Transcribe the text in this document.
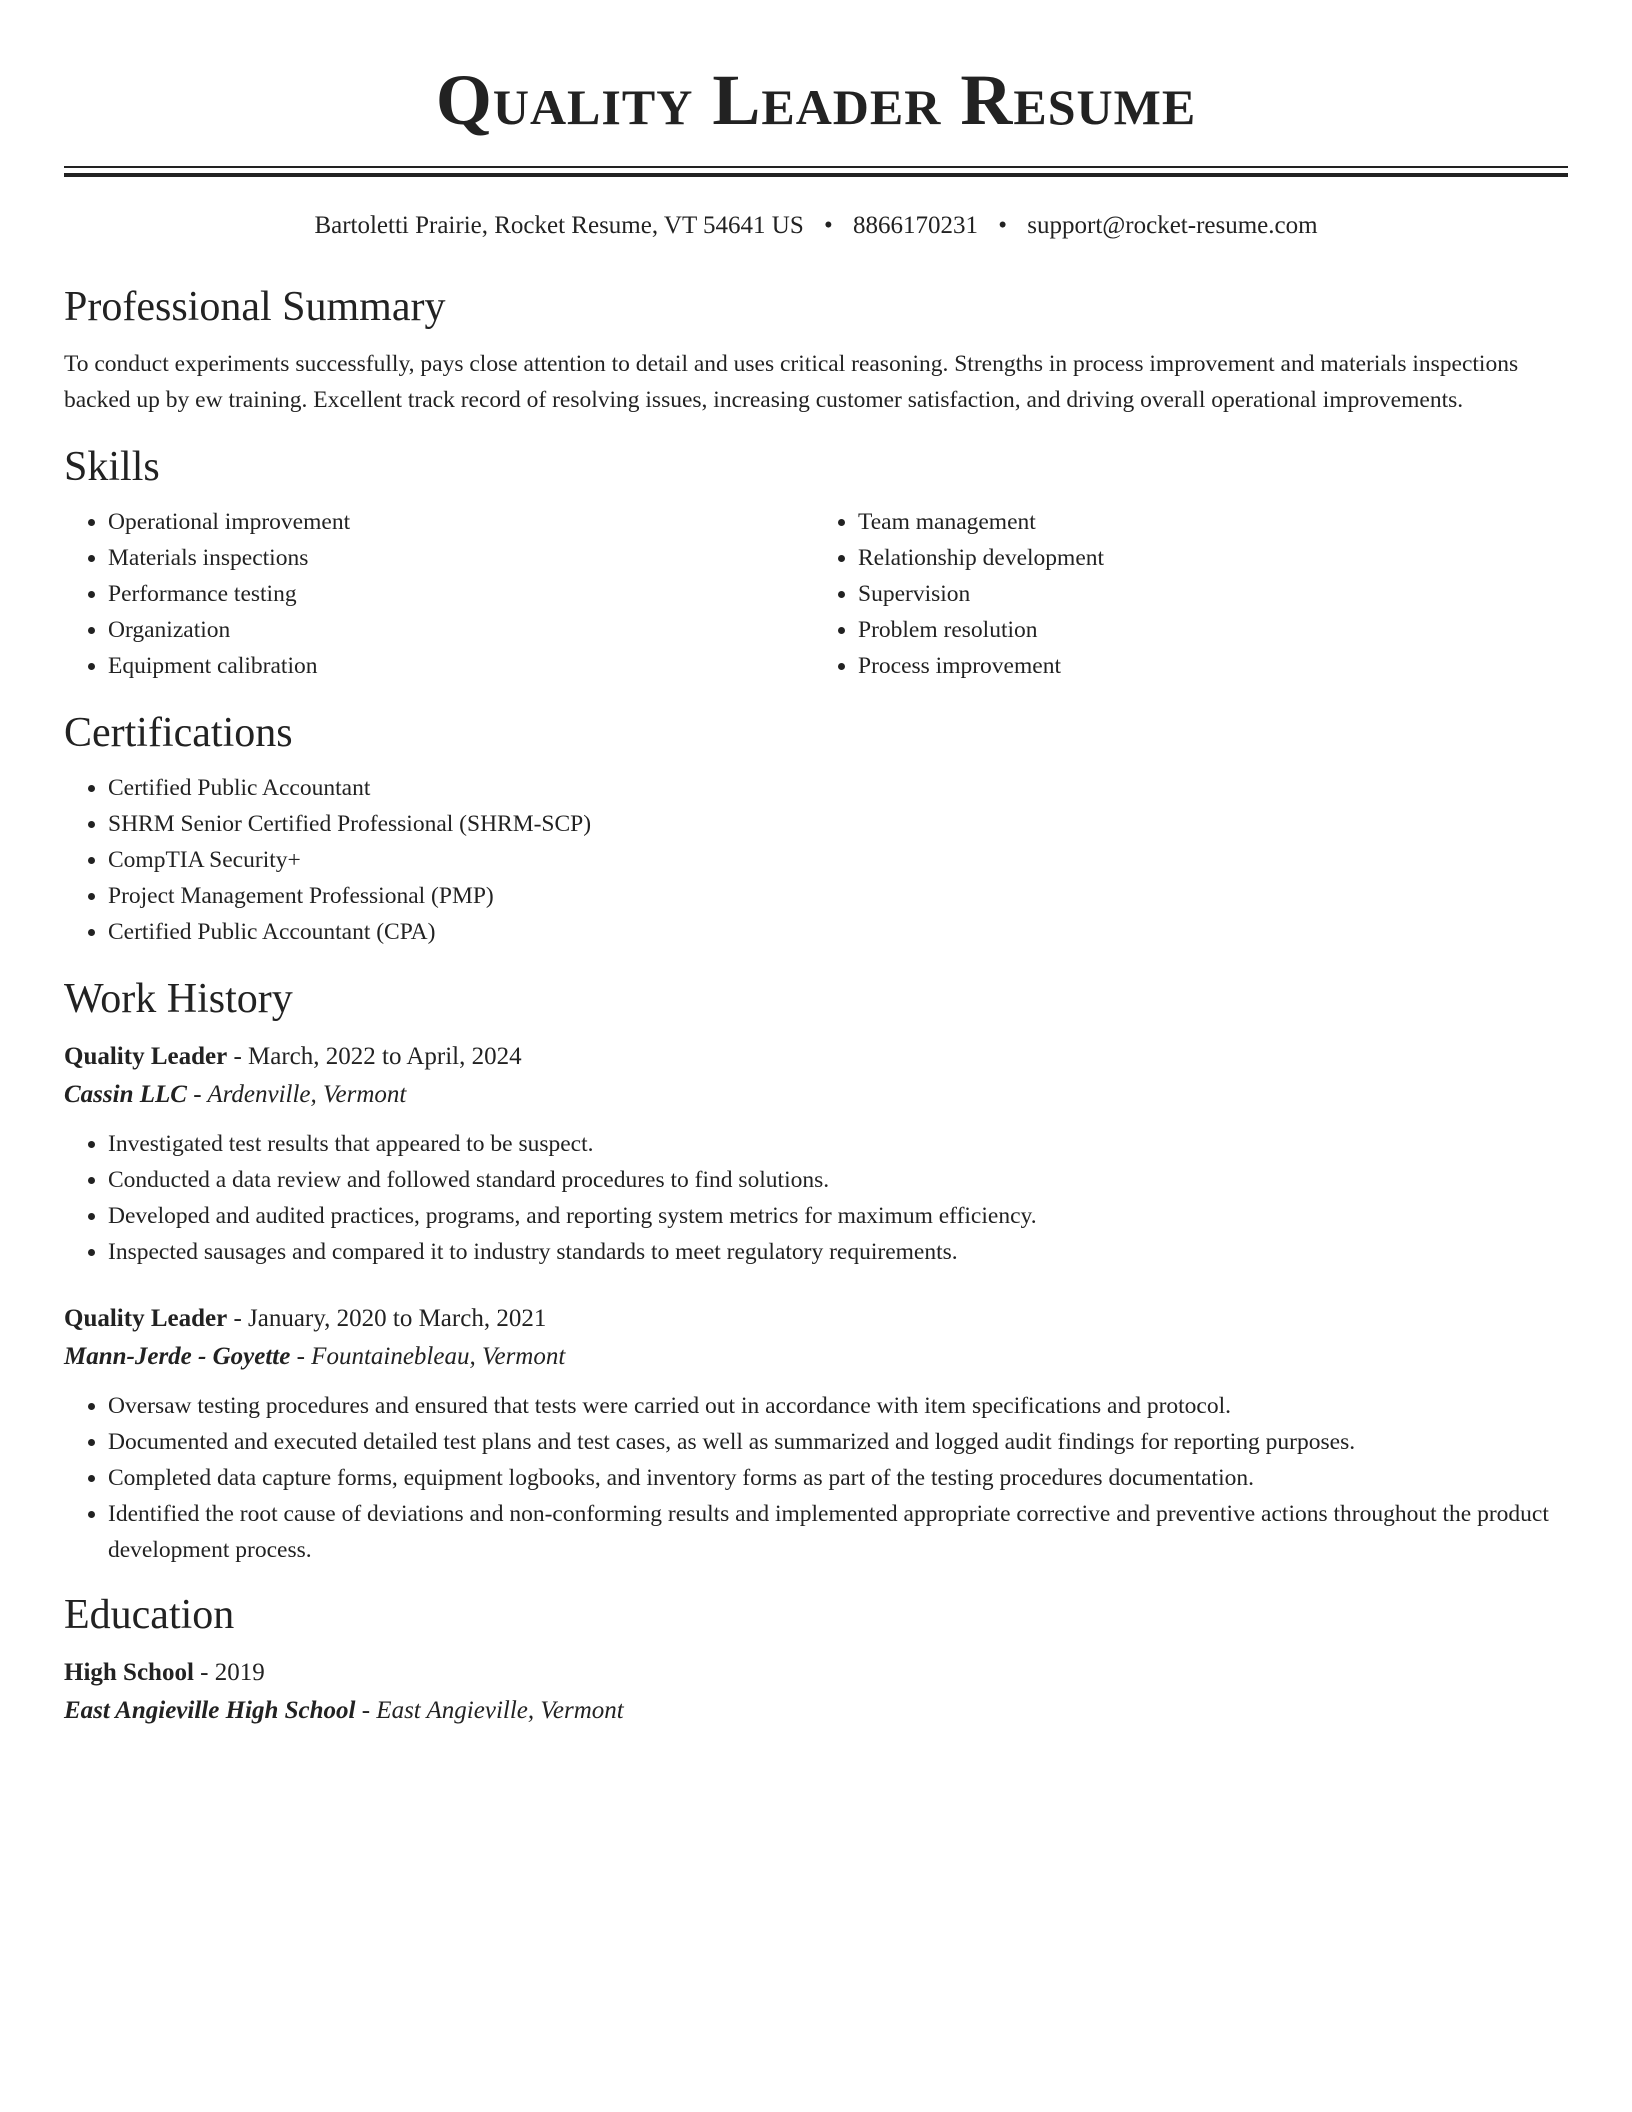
Quality Leader Resume
Bartoletti Prairie, Rocket Resume, VT 54641 US • 8866170231 • support@rocket-resume.com
Professional Summary

To conduct experiments successfully, pays close attention to detail and uses critical reasoning. Strengths in process improvement and materials inspections backed up by ew training. Excellent track record of resolving issues, increasing customer satisfaction, and driving overall operational improvements.

Skills
• Operational improvement
• Materials inspections
• Performance testing
• Organization
• Equipment calibration
• Team management
• Relationship development
• Supervision
• Problem resolution
• Process improvement
Certifications
• Certified Public Accountant
• SHRM Senior Certified Professional (SHRM-SCP)
• CompTIA Security+
• Project Management Professional (PMP)
• Certified Public Accountant (CPA)
Work History
Quality Leader - March, 2022 to April, 2024
Cassin LLC - Ardenville, Vermont
• Investigated test results that appeared to be suspect.
• Conducted a data review and followed standard procedures to find solutions.
• Developed and audited practices, programs, and reporting system metrics for maximum efficiency.
• Inspected sausages and compared it to industry standards to meet regulatory requirements.
Quality Leader - January, 2020 to March, 2021
Mann-Jerde - Goyette - Fountainebleau, Vermont
• Oversaw testing procedures and ensured that tests were carried out in accordance with item specifications and protocol.
• Documented and executed detailed test plans and test cases, as well as summarized and logged audit findings for reporting purposes.
• Completed data capture forms, equipment logbooks, and inventory forms as part of the testing procedures documentation.
• Identified the root cause of deviations and non-conforming results and implemented appropriate corrective and preventive actions throughout the product development process.
Education
High School - 2019
East Angieville High School - East Angieville, Vermont
